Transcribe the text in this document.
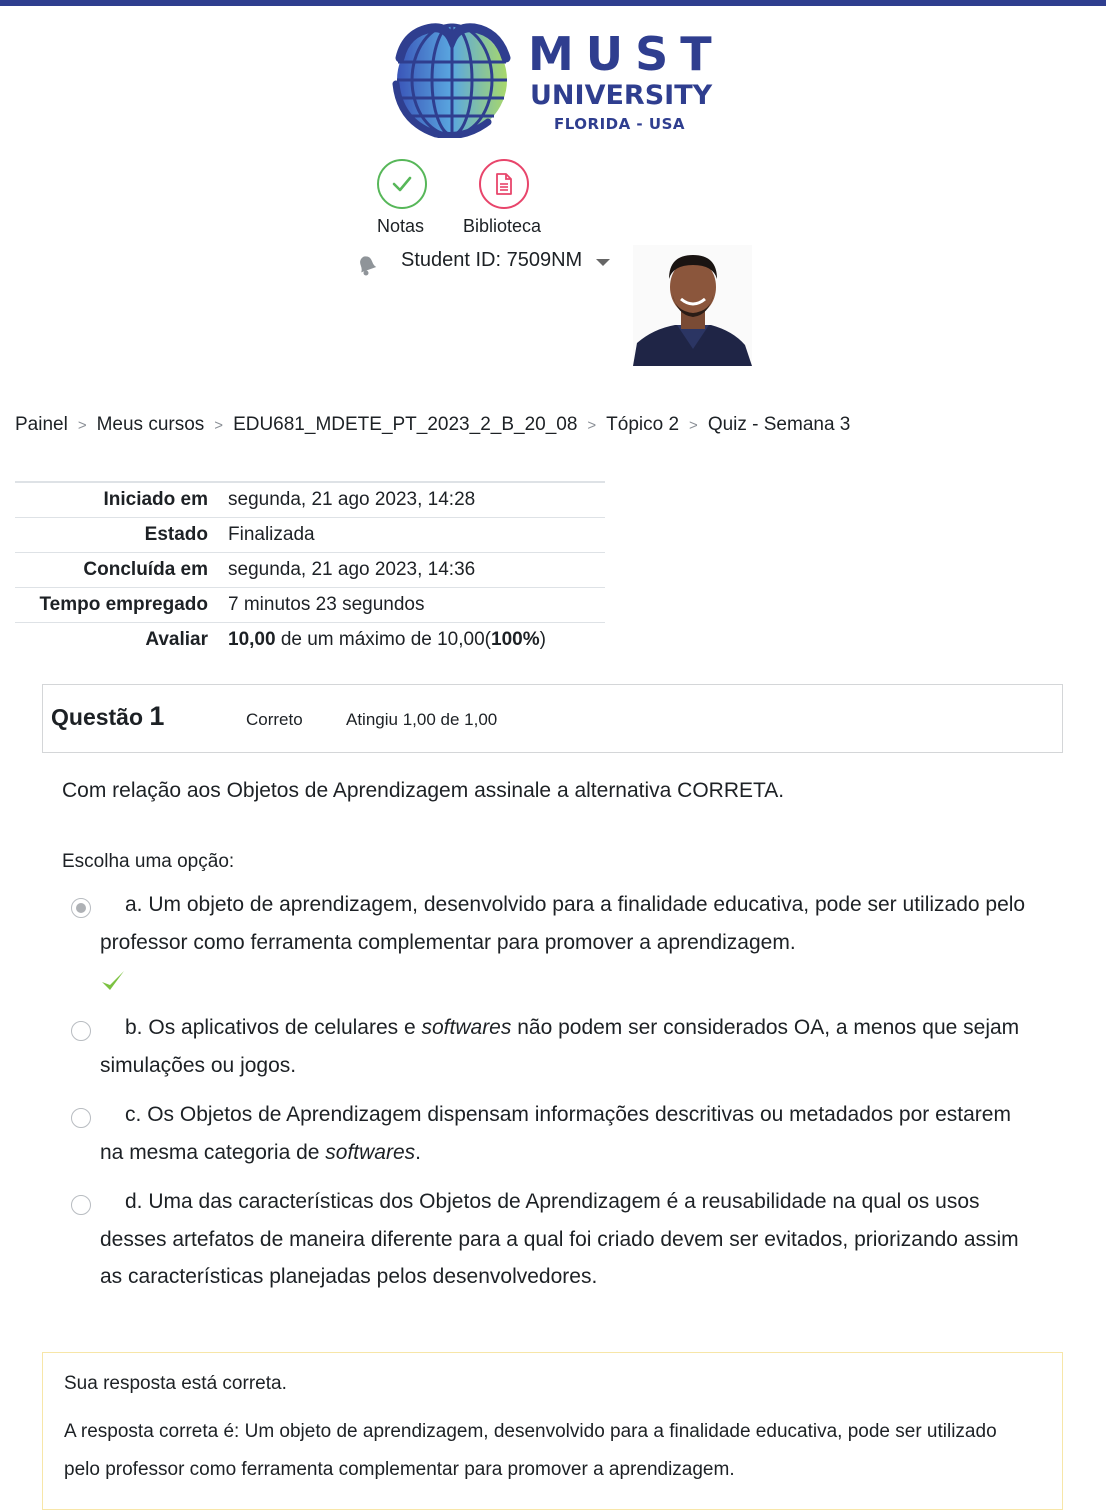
MUST
UNIVERSITY
FLORIDA - USA
Notas Biblioteca
Student ID: 7509NM
Painel > Meus cursos > EDU681_MDETE_PT_2023_2_B_20_08 > Tópico 2 > Quiz - Semana 3
Iniciado em	segunda, 21 ago 2023, 14:28
Estado	Finalizada
Concluída em	segunda, 21 ago 2023, 14:36
Tempo empregado	7 minutos 23 segundos
Avaliar	10,00 de um máximo de 10,00(100%)
Questão 1	Correto	Atingiu 1,00 de 1,00
Com relação aos Objetos de Aprendizagem assinale a alternativa CORRETA.
Escolha uma opção:
a. Um objeto de aprendizagem, desenvolvido para a finalidade educativa, pode ser utilizado pelo professor como ferramenta complementar para promover a aprendizagem.
b. Os aplicativos de celulares e softwares não podem ser considerados OA, a menos que sejam simulações ou jogos.
c. Os Objetos de Aprendizagem dispensam informações descritivas ou metadados por estarem na mesma categoria de softwares.
d. Uma das características dos Objetos de Aprendizagem é a reusabilidade na qual os usos desses artefatos de maneira diferente para a qual foi criado devem ser evitados, priorizando assim as características planejadas pelos desenvolvedores.
Sua resposta está correta.
A resposta correta é: Um objeto de aprendizagem, desenvolvido para a finalidade educativa, pode ser utilizado pelo professor como ferramenta complementar para promover a aprendizagem.
